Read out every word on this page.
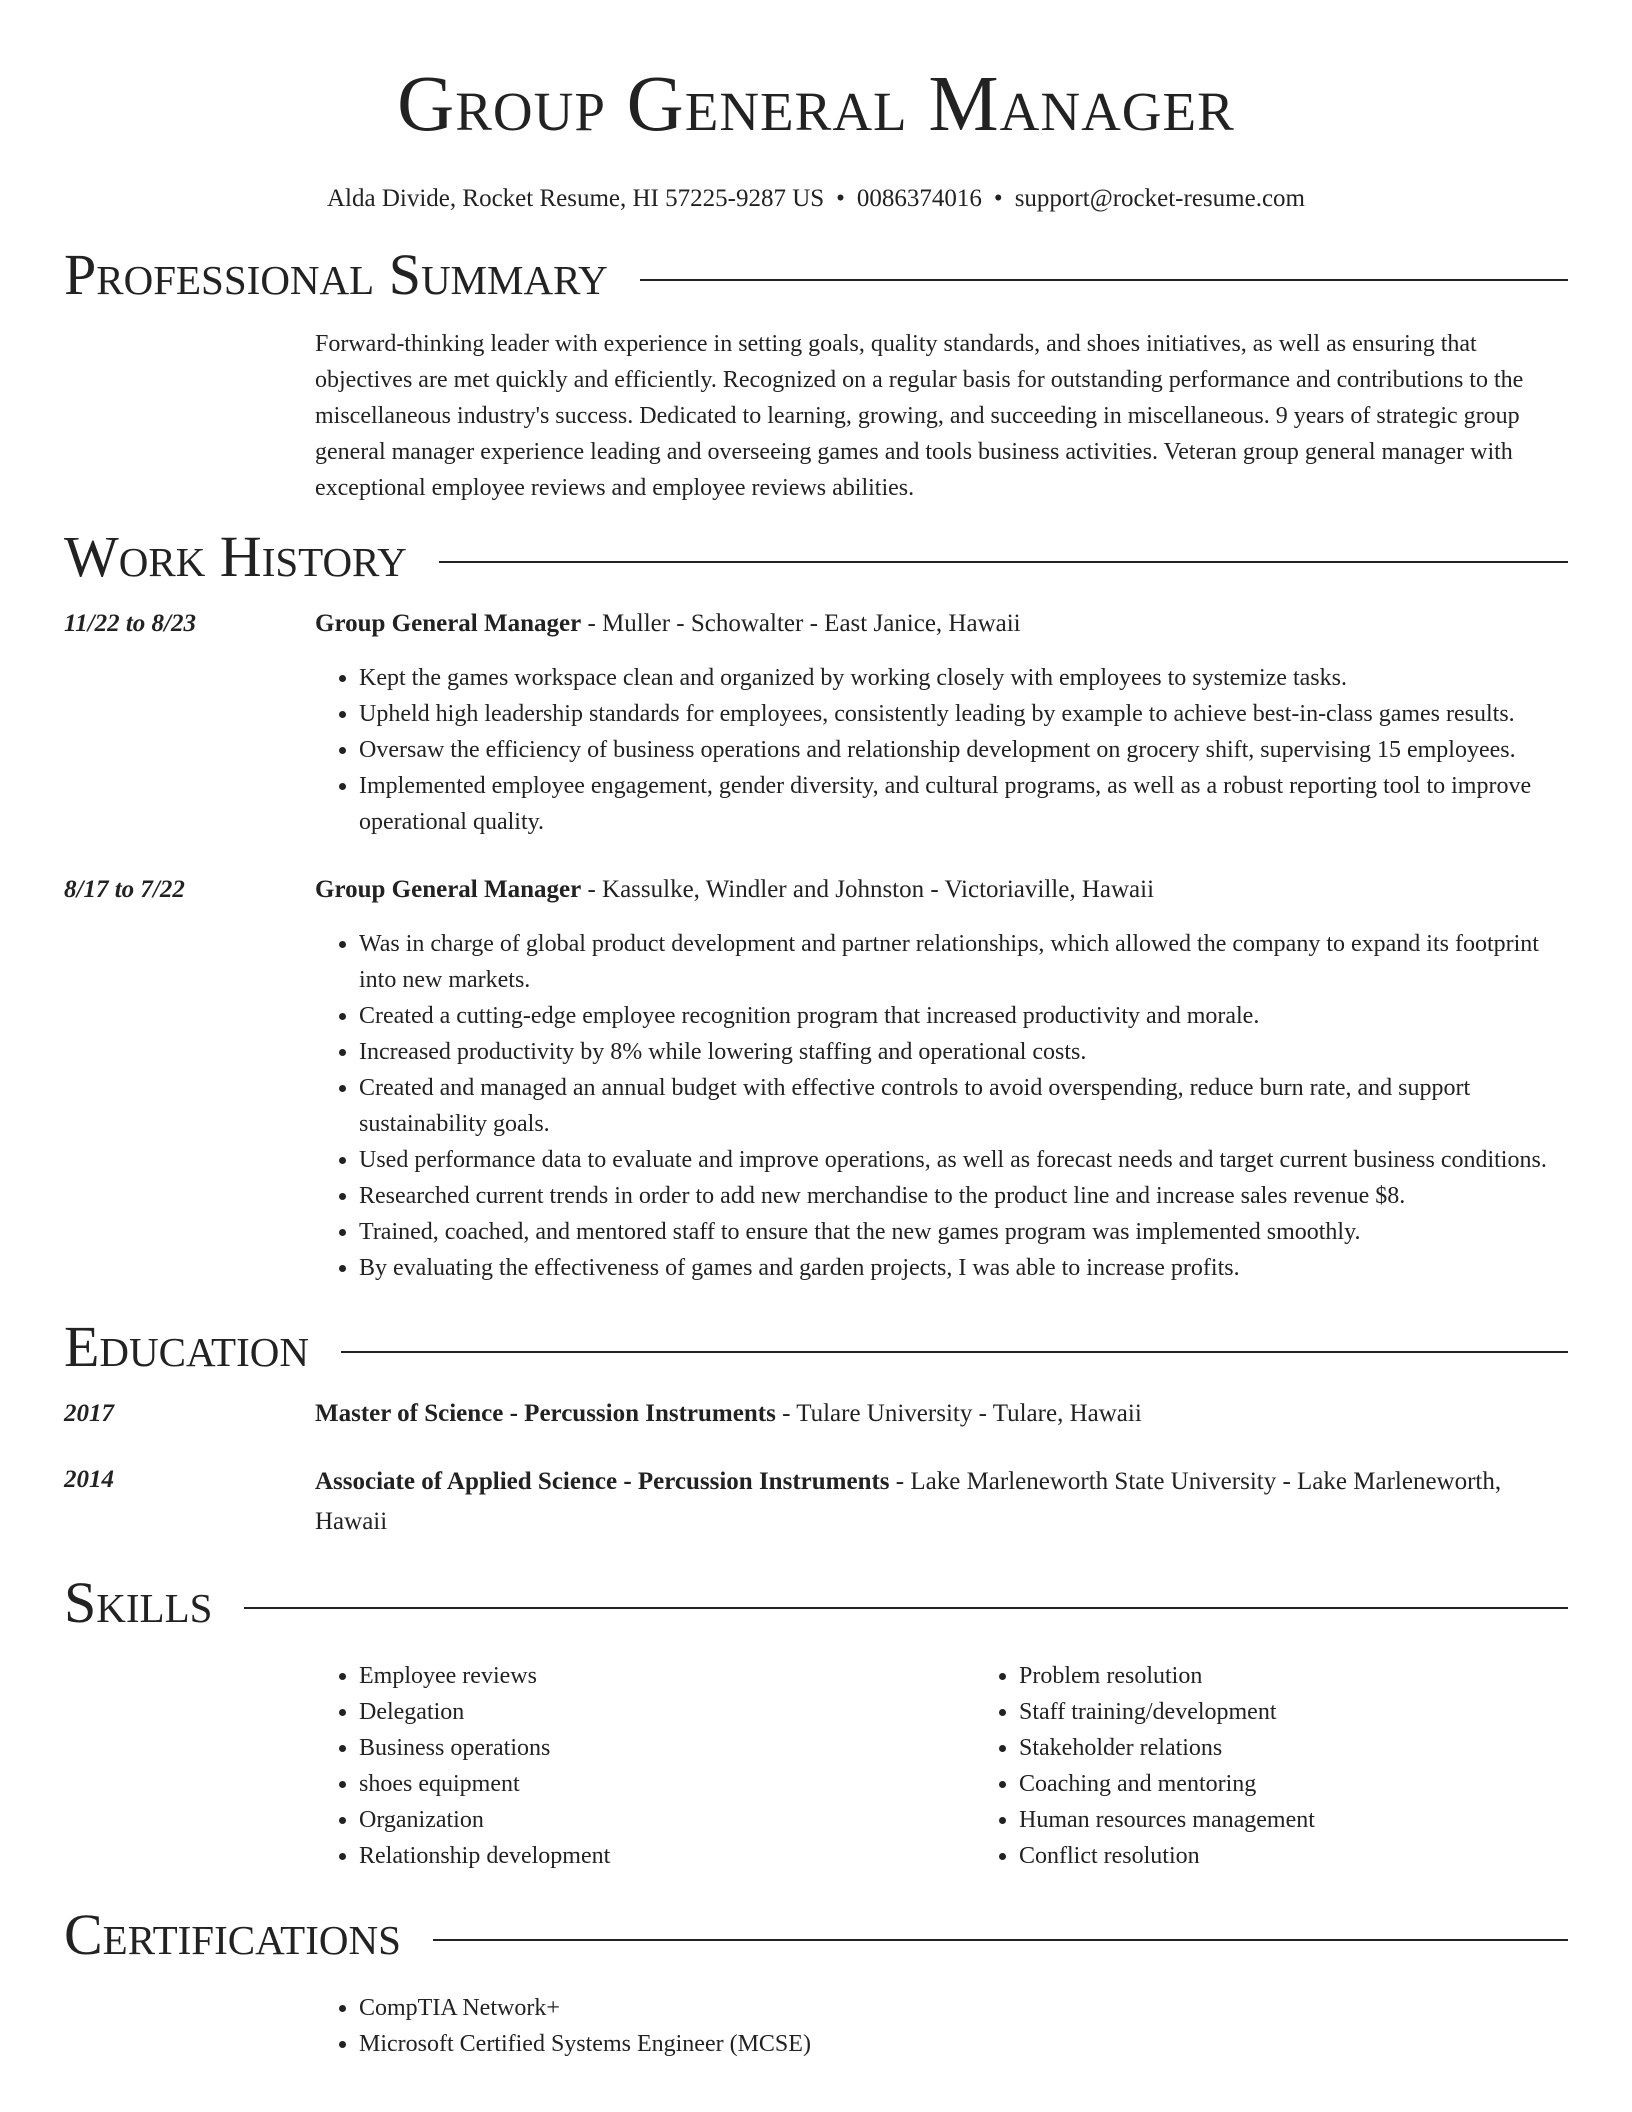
Group General Manager
Alda Divide, Rocket Resume, HI 57225-9287 US • 0086374016 • support@rocket-resume.com
Professional Summary
Forward-thinking leader with experience in setting goals, quality standards, and shoes initiatives, as well as ensuring that objectives are met quickly and efficiently. Recognized on a regular basis for outstanding performance and contributions to the miscellaneous industry's success. Dedicated to learning, growing, and succeeding in miscellaneous. 9 years of strategic group general manager experience leading and overseeing games and tools business activities. Veteran group general manager with exceptional employee reviews and employee reviews abilities.
Work History
11/22 to 8/23	Group General Manager - Muller - Schowalter - East Janice, Hawaii
• Kept the games workspace clean and organized by working closely with employees to systemize tasks.
• Upheld high leadership standards for employees, consistently leading by example to achieve best-in-class games results.
• Oversaw the efficiency of business operations and relationship development on grocery shift, supervising 15 employees.
• Implemented employee engagement, gender diversity, and cultural programs, as well as a robust reporting tool to improve operational quality.
8/17 to 7/22	Group General Manager - Kassulke, Windler and Johnston - Victoriaville, Hawaii
• Was in charge of global product development and partner relationships, which allowed the company to expand its footprint into new markets.
• Created a cutting-edge employee recognition program that increased productivity and morale.
• Increased productivity by 8% while lowering staffing and operational costs.
• Created and managed an annual budget with effective controls to avoid overspending, reduce burn rate, and support sustainability goals.
• Used performance data to evaluate and improve operations, as well as forecast needs and target current business conditions.
• Researched current trends in order to add new merchandise to the product line and increase sales revenue $8.
• Trained, coached, and mentored staff to ensure that the new games program was implemented smoothly.
• By evaluating the effectiveness of games and garden projects, I was able to increase profits.
Education
2017	Master of Science - Percussion Instruments - Tulare University - Tulare, Hawaii
2014	Associate of Applied Science - Percussion Instruments - Lake Marleneworth State University - Lake Marleneworth, Hawaii
Skills
• Employee reviews
• Delegation
• Business operations
• shoes equipment
• Organization
• Relationship development
• Problem resolution
• Staff training/development
• Stakeholder relations
• Coaching and mentoring
• Human resources management
• Conflict resolution
Certifications
• CompTIA Network+
• Microsoft Certified Systems Engineer (MCSE)
